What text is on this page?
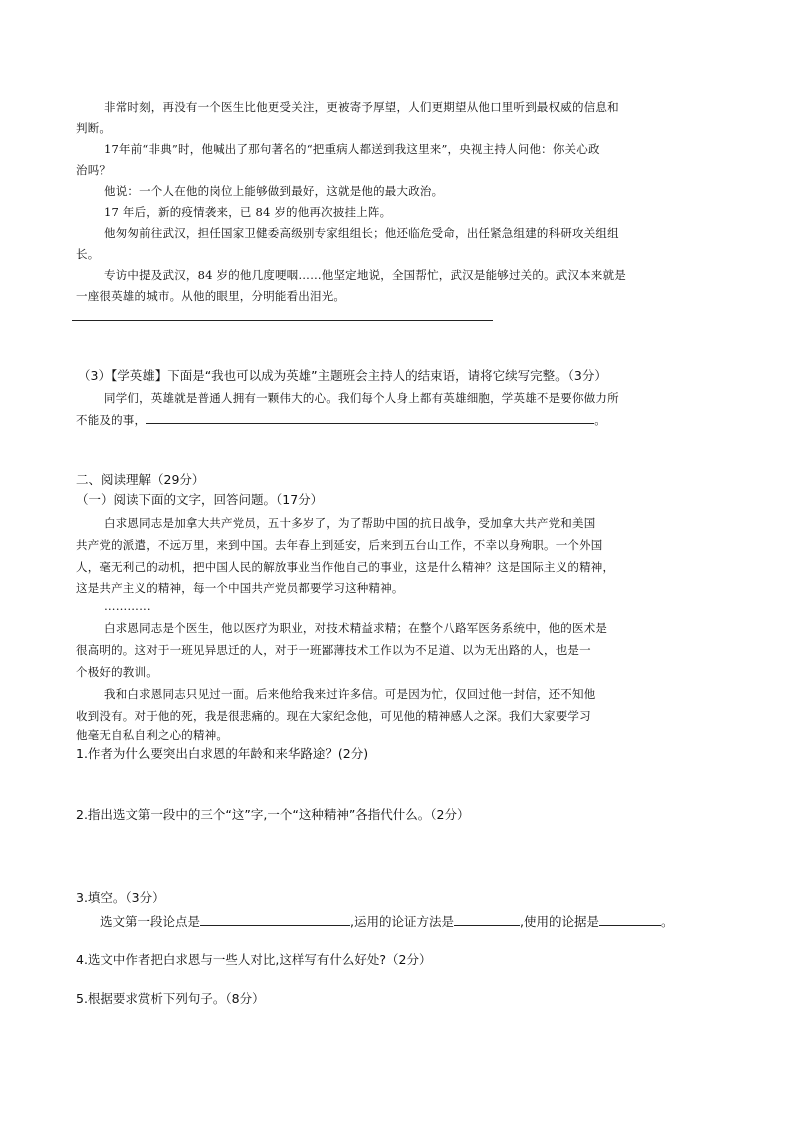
非常时刻，再没有一个医生比他更受关注，更被寄予厚望，人们更期望从他口里听到最权威的信息和
判断。
17年前“非典”时，他喊出了那句著名的“把重病人都送到我这里来”，央视主持人问他：你关心政
治吗？
他说：一个人在他的岗位上能够做到最好，这就是他的最大政治。
17 年后，新的疫情袭来，已 84 岁的他再次披挂上阵。
他匆匆前往武汉，担任国家卫健委高级别专家组组长；他还临危受命，出任紧急组建的科研攻关组组
长。
专访中提及武汉，84 岁的他几度哽咽……他坚定地说，全国帮忙，武汉是能够过关的。武汉本来就是
一座很英雄的城市。从他的眼里，分明能看出泪光。
（3）【学英雄】下面是“我也可以成为英雄”主题班会主持人的结束语，请将它续写完整。（3分）
同学们，英雄就是普通人拥有一颗伟大的心。我们每个人身上都有英雄细胞，学英雄不是要你做力所
不能及的事，	。
二、阅读理解（29分）
（一）阅读下面的文字，回答问题。（17分）
白求恩同志是加拿大共产党员，五十多岁了，为了帮助中国的抗日战争，受加拿大共产党和美国
共产党的派遣，不远万里，来到中国。去年春上到延安，后来到五台山工作，不幸以身殉职。一个外国
人，毫无利己的动机，把中国人民的解放事业当作他自己的事业，这是什么精神？这是国际主义的精神，
这是共产主义的精神，每一个中国共产党员都要学习这种精神。
…………
白求恩同志是个医生，他以医疗为职业，对技术精益求精；在整个八路军医务系统中，他的医术是
很高明的。这对于一班见异思迁的人，对于一班鄙薄技术工作以为不足道、以为无出路的人，也是一
个极好的教训。
我和白求恩同志只见过一面。后来他给我来过许多信。可是因为忙，仅回过他一封信，还不知他
收到没有。对于他的死，我是很悲痛的。现在大家纪念他，可见他的精神感人之深。我们大家要学习
他毫无自私自利之心的精神。
1.作者为什么要突出白求恩的年龄和来华路途？(2分)
2.指出选文第一段中的三个“这”字,一个“这种精神”各指代什么。（2分）
3.填空。（3分）
选文第一段论点是	,运用的论证方法是	,使用的论据是	。
4.选文中作者把白求恩与一些人对比,这样写有什么好处?（2分）
5.根据要求赏析下列句子。（8分）
